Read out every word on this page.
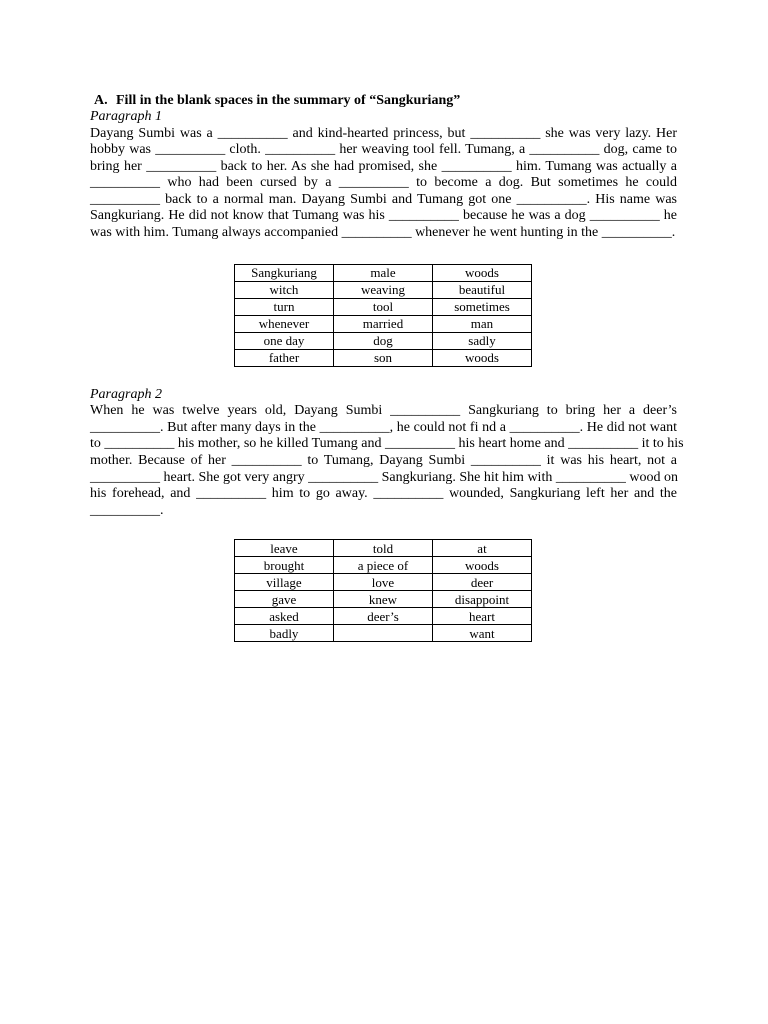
A. Fill in the blank spaces in the summary of “Sangkuriang”

Paragraph 1

Dayang Sumbi was a __________ and kind-hearted princess, but __________ she was very lazy. Her
hobby was __________ cloth. __________ her weaving tool fell. Tumang, a __________ dog, came to
bring her __________ back to her. As she had promised, she __________ him. Tumang was actually a
__________ who had been cursed by a __________ to become a dog. But sometimes he could
__________ back to a normal man. Dayang Sumbi and Tumang got one __________. His name was
Sangkuriang. He did not know that Tumang was his __________ because he was a dog __________ he
was with him. Tumang always accompanied __________ whenever he went hunting in the __________.
Sangkuriang	male	woods
witch	weaving	beautiful
turn	tool	sometimes
whenever	married	man
one day	dog	sadly
father	son	woods

Paragraph 2

When he was twelve years old, Dayang Sumbi __________ Sangkuriang to bring her a deer’s
__________. But after many days in the __________, he could not fi nd a __________. He did not want
to __________ his mother, so he killed Tumang and __________ his heart home and __________ it to his
mother. Because of her __________ to Tumang, Dayang Sumbi __________ it was his heart, not a
__________ heart. She got very angry __________ Sangkuriang. She hit him with __________ wood on
his forehead, and __________ him to go away. __________ wounded, Sangkuriang left her and the
__________.
leave	told	at
brought	a piece of	woods
village	love	deer
gave	knew	disappoint
asked	deer’s	heart
badly		want
